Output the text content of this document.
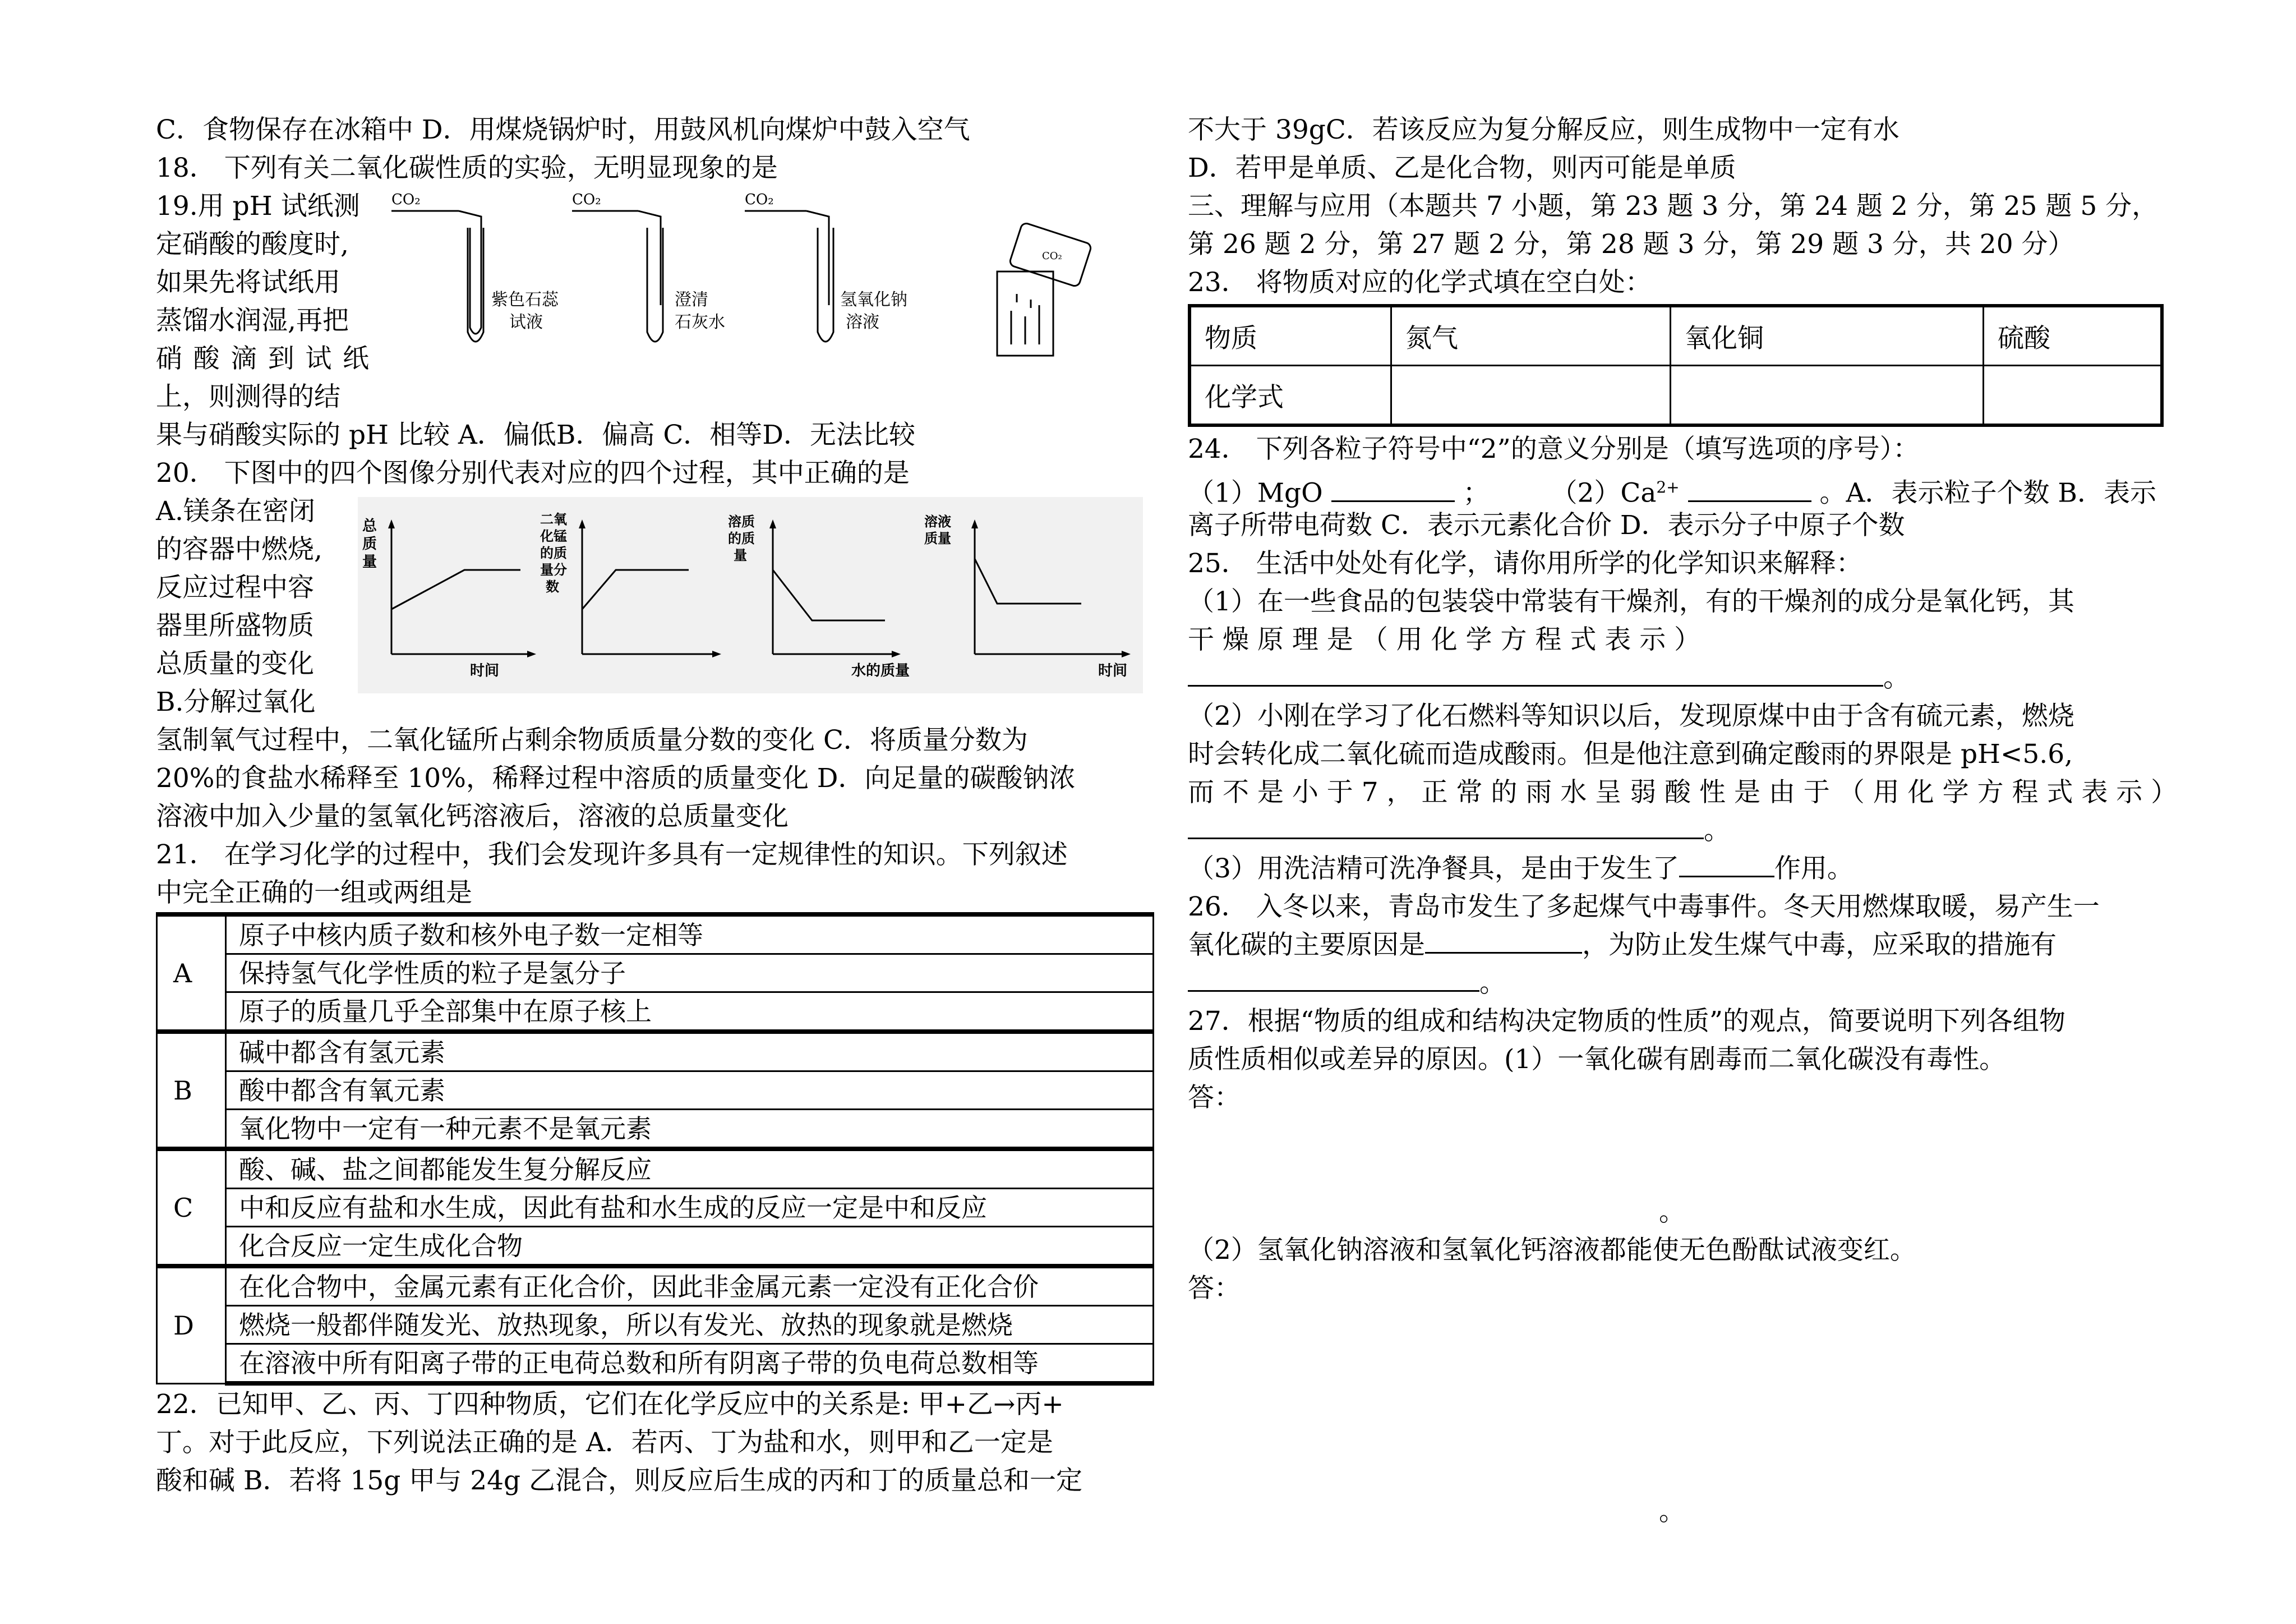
C．食物保存在冰箱中 D．用煤烧锅炉时，用鼓风机向煤炉中鼓入空气
18． 下列有关二氧化碳性质的实验，无明显现象的是
19.用 pH 试纸测
定硝酸的酸度时,
如果先将试纸用
蒸馏水润湿,再把
硝 酸 滴 到 试 纸
上，则测得的结
CO₂
紫色石蕊
试液
CO₂
澄清
石灰水
CO₂
氢氧化钠
溶液
CO₂
果与硝酸实际的 pH 比较 A．偏低B．偏高 C．相等D．无法比较
20． 下图中的四个图像分别代表对应的四个过程，其中正确的是
A.镁条在密闭
的容器中燃烧,
反应过程中容
器里所盛物质
总质量的变化
B.分解过氧化
总
质
量
时间
二氧
化锰
的质
量分
数
溶质
的质
量
水的质量
溶液
质量
时间
氢制氧气过程中，二氧化锰所占剩余物质质量分数的变化 C．将质量分数为
20%的食盐水稀释至 10%，稀释过程中溶质的质量变化 D．向足量的碳酸钠浓
溶液中加入少量的氢氧化钙溶液后，溶液的总质量变化
21． 在学习化学的过程中，我们会发现许多具有一定规律性的知识。下列叙述
中完全正确的一组或两组是
A	原子中核内质子数和核外电子数一定相等
	保持氢气化学性质的粒子是氢分子
	原子的质量几乎全部集中在原子核上
B	碱中都含有氢元素
	酸中都含有氧元素
	氧化物中一定有一种元素不是氧元素
C	酸、碱、盐之间都能发生复分解反应
	中和反应有盐和水生成，因此有盐和水生成的反应一定是中和反应
	化合反应一定生成化合物
D	在化合物中，金属元素有正化合价，因此非金属元素一定没有正化合价
	燃烧一般都伴随发光、放热现象，所以有发光、放热的现象就是燃烧
	在溶液中所有阳离子带的正电荷总数和所有阴离子带的负电荷总数相等
22．已知甲、乙、丙、丁四种物质，它们在化学反应中的关系是: 甲+乙→丙+
丁。对于此反应，下列说法正确的是 A．若丙、丁为盐和水，则甲和乙一定是
酸和碱 B．若将 15g 甲与 24g 乙混合，则反应后生成的丙和丁的质量总和一定
不大于 39gC．若该反应为复分解反应，则生成物中一定有水
D．若甲是单质、乙是化合物，则丙可能是单质
三、理解与应用（本题共 7 小题，第 23 题 3 分，第 24 题 2 分，第 25 题 5 分，
第 26 题 2 分，第 27 题 2 分，第 28 题 3 分，第 29 题 3 分，共 20 分）
23． 将物质对应的化学式填在空白处：
物质	氮气	氧化铜	硫酸
化学式			
24． 下列各粒子符号中“2”的意义分别是（填写选项的序号）：
（1）MgO	； $(2)Ca^{2+}$	。A．表示粒子个数 B．表示
离子所带电荷数 C．表示元素化合价 D．表示分子中原子个数
25． 生活中处处有化学，请你用所学的化学知识来解释：
（1）在一些食品的包装袋中常装有干燥剂，有的干燥剂的成分是氧化钙，其
干 燥 原 理 是 （ 用 化 学 方 程 式 表 示 ）
。
（2）小刚在学习了化石燃料等知识以后，发现原煤中由于含有硫元素，燃烧
时会转化成二氧化硫而造成酸雨。但是他注意到确定酸雨的界限是 pH<5.6,
而 不 是 小 于 7 ， 正 常 的 雨 水 呈 弱 酸 性 是 由 于 （ 用 化 学 方 程 式 表 示 ）
。
（3）用洗洁精可洗净餐具，是由于发生了	作用。
26． 入冬以来，青岛市发生了多起煤气中毒事件。冬天用燃煤取暖，易产生一
氧化碳的主要原因是	，为防止发生煤气中毒，应采取的措施有
。
27．根据“物质的组成和结构决定物质的性质”的观点，简要说明下列各组物
质性质相似或差异的原因。(1）一氧化碳有剧毒而二氧化碳没有毒性。
答：
。
（2）氢氧化钠溶液和氢氧化钙溶液都能使无色酚酞试液变红。
答：
。
